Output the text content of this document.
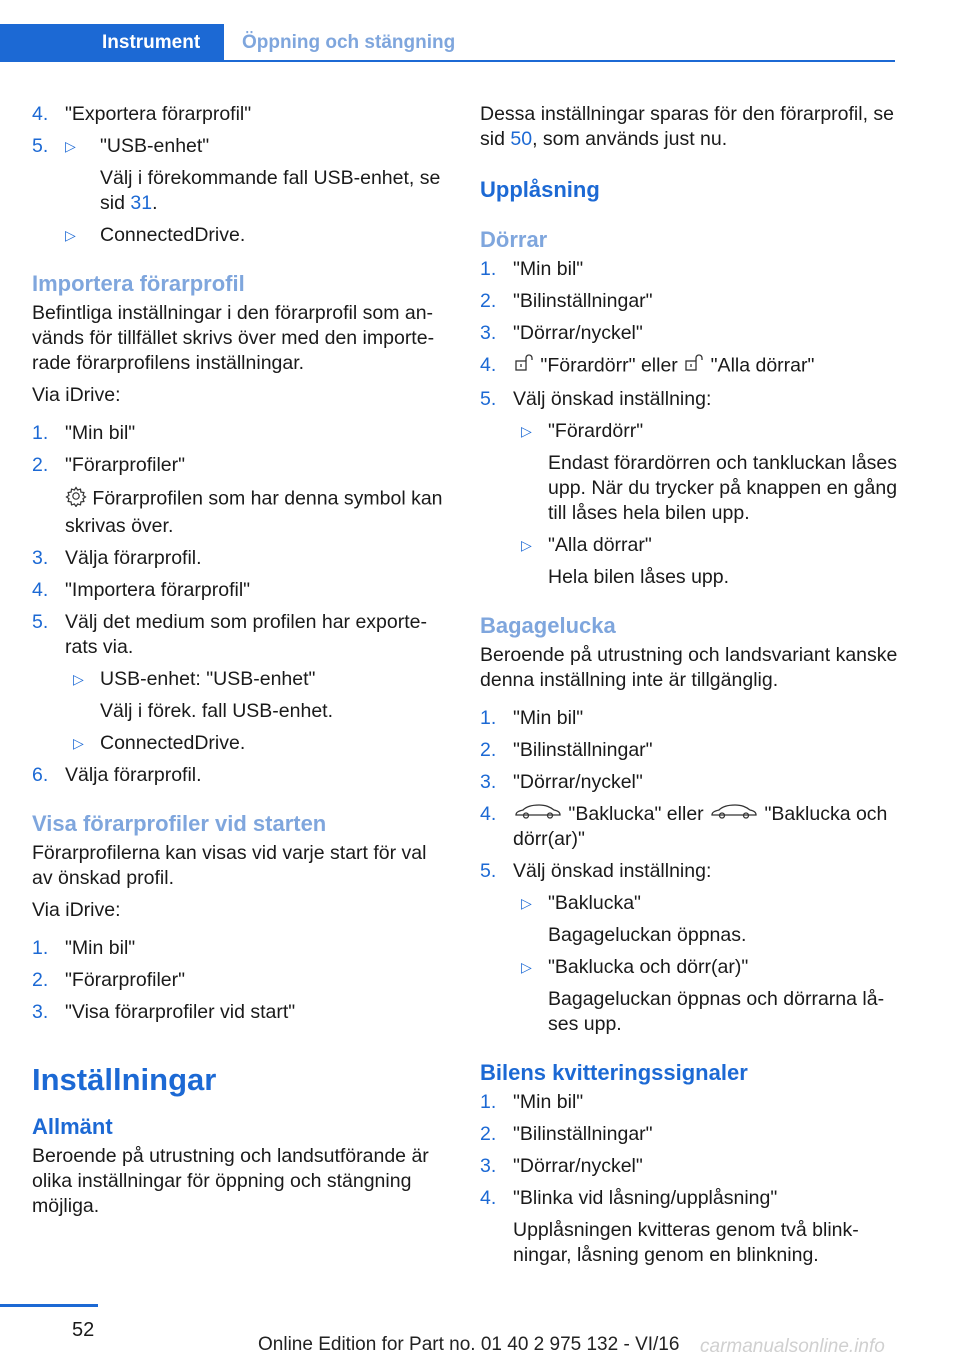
Instrument	Öppning och stängning
4. "Exportera förarprofil"
5.	▷	"USB-enhet"
Välj i förekommande fall USB-enhet, se sid 31.
▷	ConnectedDrive.
Importera förarprofil
Befintliga inställningar i den förarprofil som används för tillfället skrivs över med den importerade förarprofilens inställningar.
Via iDrive:
1. "Min bil"
2. "Förarprofiler"
Förarprofilen som har denna symbol kan skrivas över.
3. Välja förarprofil.
4. "Importera förarprofil"
5. Välj det medium som profilen har exporterats via.
▷ USB-enhet: "USB-enhet"
Välj i förek. fall USB-enhet.
▷ ConnectedDrive.
6. Välja förarprofil.
Visa förarprofiler vid starten
Förarprofilerna kan visas vid varje start för val av önskad profil.
Via iDrive:
1. "Min bil"
2. "Förarprofiler"
3. "Visa förarprofiler vid start"
Inställningar
Allmänt
Beroende på utrustning och landsutförande är olika inställningar för öppning och stängning möjliga.
Dessa inställningar sparas för den förarprofil, se sid 50, som används just nu.
Upplåsning
Dörrar
1. "Min bil"
2. "Bilinställningar"
3. "Dörrar/nyckel"
4.	"Förardörr" eller  "Alla dörrar"
5. Välj önskad inställning:
▷ "Förardörr"
Endast förardörren och tankluckan låses upp. När du trycker på knappen en gång till låses hela bilen upp.
▷ "Alla dörrar"
Hela bilen låses upp.
Bagagelucka
Beroende på utrustning och landsvariant kanske denna inställning inte är tillgänglig.
1. "Min bil"
2. "Bilinställningar"
3. "Dörrar/nyckel"
4.	"Baklucka" eller	"Baklucka och dörr(ar)"
5. Välj önskad inställning:
▷ "Baklucka"
Bagageluckan öppnas.
▷ "Baklucka och dörr(ar)"
Bagageluckan öppnas och dörrarna låses upp.
Bilens kvitteringssignaler
1. "Min bil"
2. "Bilinställningar"
3. "Dörrar/nyckel"
4. "Blinka vid låsning/upplåsning"
Upplåsningen kvitteras genom två blinkningar, låsning genom en blinkning.
52
Online Edition for Part no. 01 40 2 975 132 - VI/16 carmanualsonline.info
